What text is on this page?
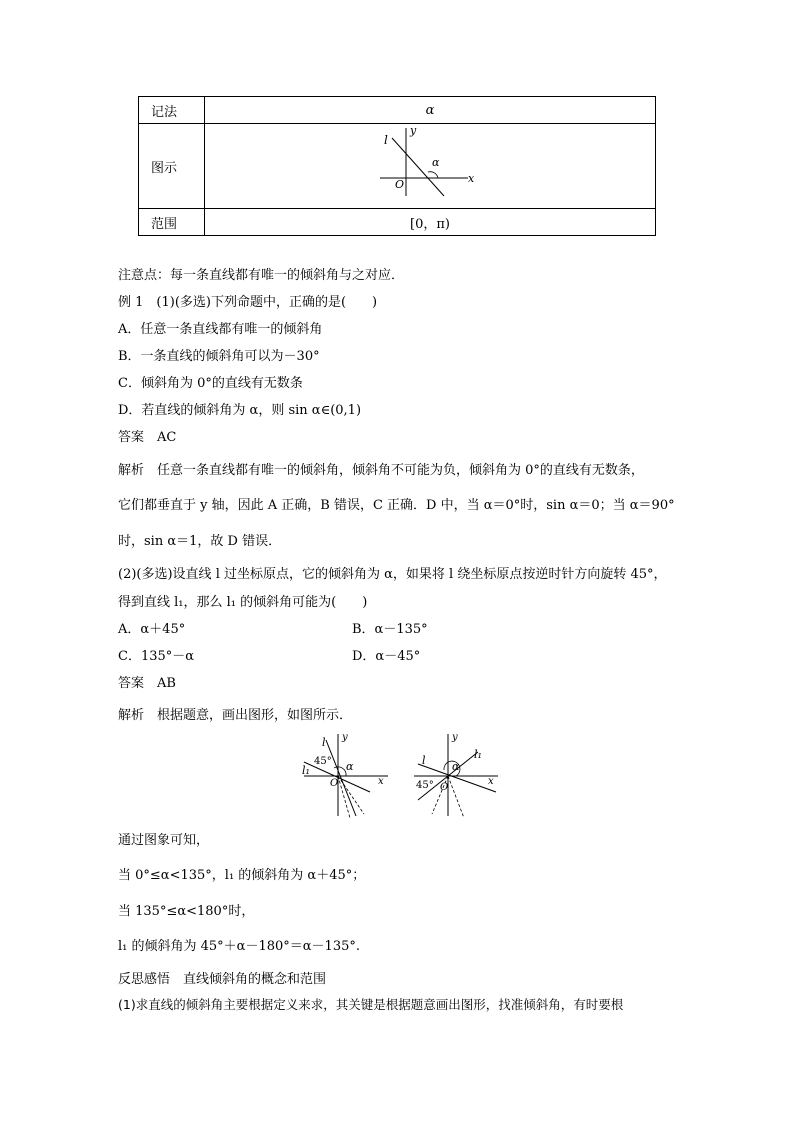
记法	α
图示	l
y
x
O
α

范围	[0，π)
注意点：每一条直线都有唯一的倾斜角与之对应．
例 1　(1)(多选)下列命题中，正确的是(　　)
A．任意一条直线都有唯一的倾斜角
B．一条直线的倾斜角可以为－30°
C．倾斜角为 0°的直线有无数条
D．若直线的倾斜角为 α，则 sin α∈(0,1)
答案　AC
解析　任意一条直线都有唯一的倾斜角，倾斜角不可能为负，倾斜角为 0°的直线有无数条，
它们都垂直于 y 轴，因此 A 正确，B 错误，C 正确．D 中，当 α＝0°时，sin α＝0；当 α＝90°
时，sin α＝1，故 D 错误．
(2)(多选)设直线 l 过坐标原点，它的倾斜角为 α，如果将 l 绕坐标原点按逆时针方向旋转 45°，
得到直线 l₁，那么 l₁ 的倾斜角可能为(　　)
A．α＋45°	B．α－135°
C．135°－α	D．α－45°
答案　AB
解析　根据题意，画出图形，如图所示．
l y
x
l₁
45° α
O
l
y
x
l₁
45°
α
O
通过图象可知，
当 0°≤α<135°，l₁ 的倾斜角为 α＋45°；
当 135°≤α<180°时，
l₁ 的倾斜角为 45°＋α－180°＝α－135°.
反思感悟　直线倾斜角的概念和范围
(1)求直线的倾斜角主要根据定义来求，其关键是根据题意画出图形，找准倾斜角，有时要根
